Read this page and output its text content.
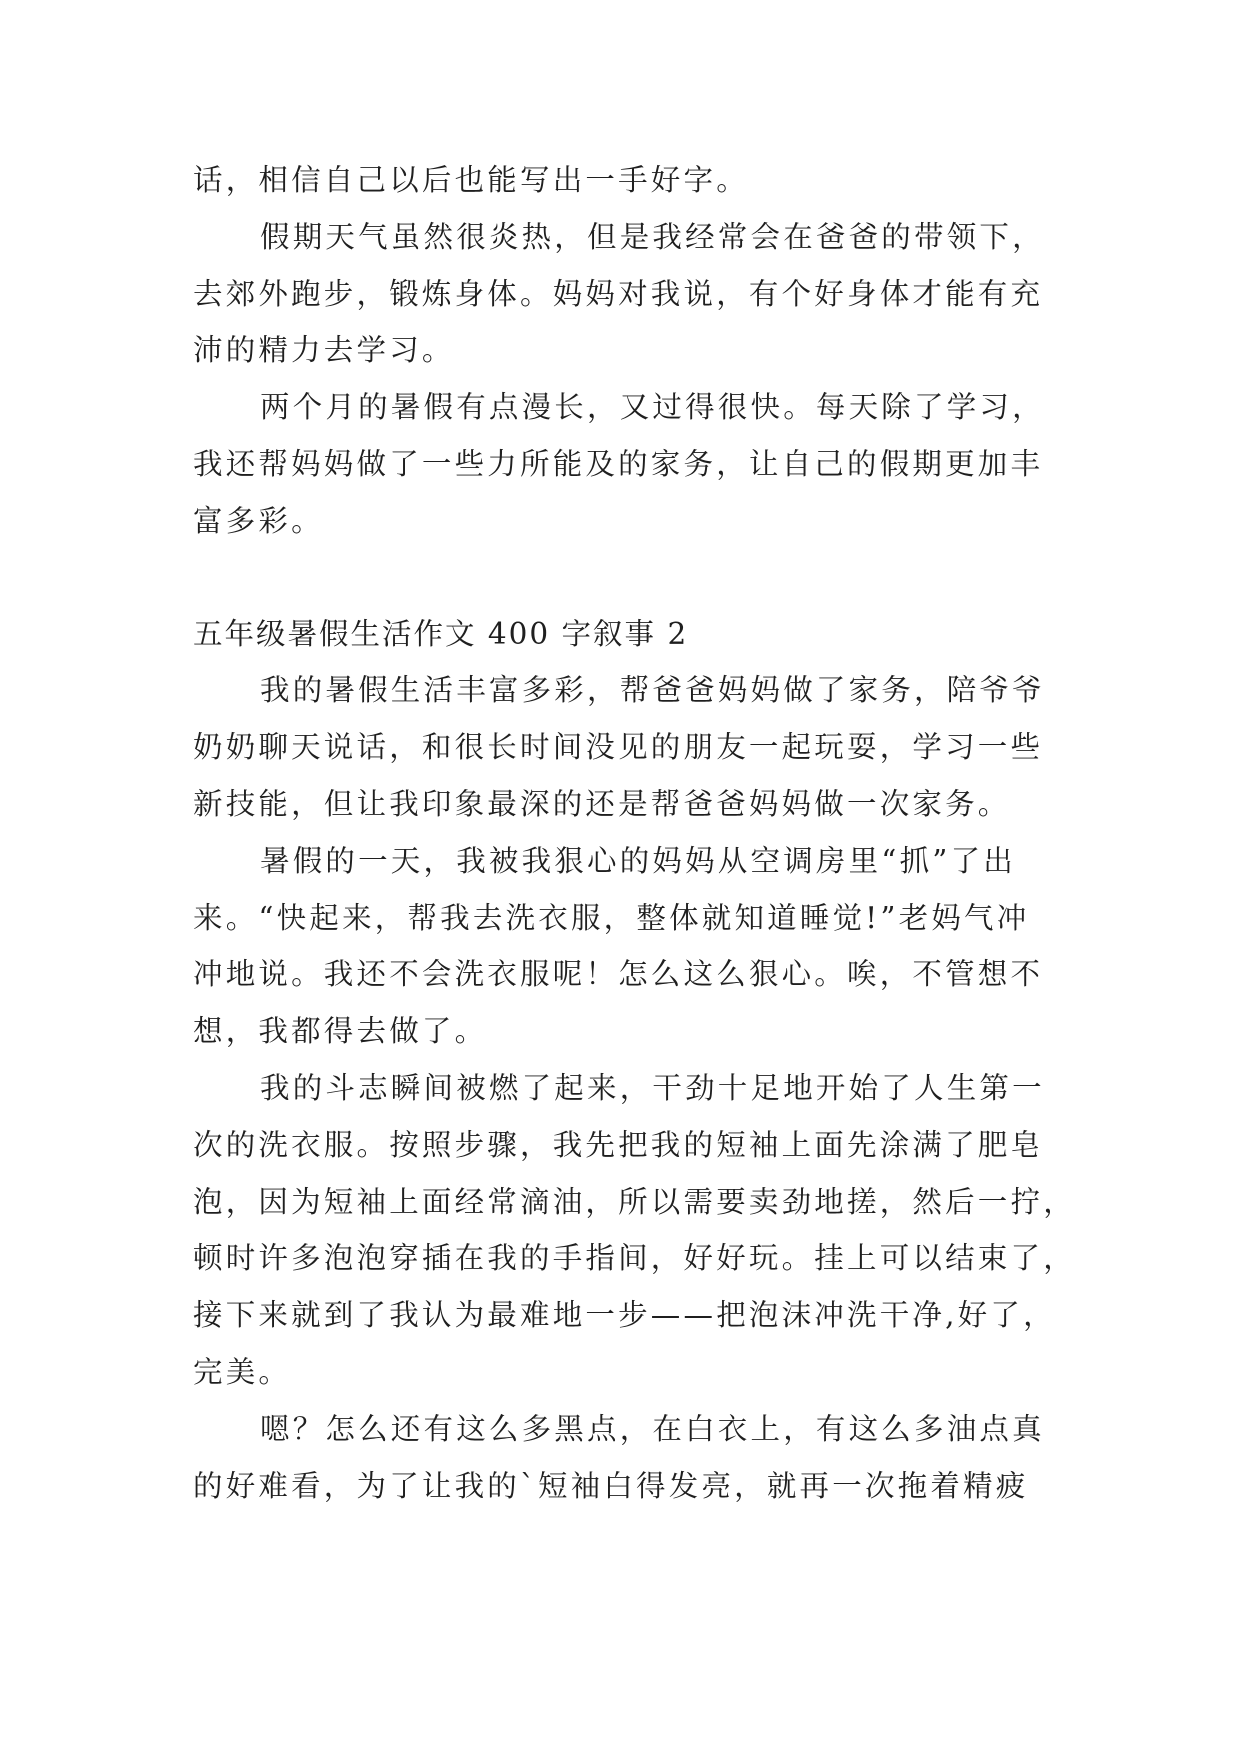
话，相信自己以后也能写出一手好字。
假期天气虽然很炎热，但是我经常会在爸爸的带领下，
去郊外跑步，锻炼身体。妈妈对我说，有个好身体才能有充
沛的精力去学习。
两个月的暑假有点漫长，又过得很快。每天除了学习，
我还帮妈妈做了一些力所能及的家务，让自己的假期更加丰
富多彩。
五年级暑假生活作文 400 字叙事 2
我的暑假生活丰富多彩，帮爸爸妈妈做了家务，陪爷爷
奶奶聊天说话，和很长时间没见的朋友一起玩耍，学习一些
新技能，但让我印象最深的还是帮爸爸妈妈做一次家务。
暑假的一天，我被我狠心的妈妈从空调房里“抓”了出
来。“快起来，帮我去洗衣服，整体就知道睡觉!”老妈气冲
冲地说。我还不会洗衣服呢！怎么这么狠心。唉，不管想不
想，我都得去做了。
我的斗志瞬间被燃了起来，干劲十足地开始了人生第一
次的洗衣服。按照步骤，我先把我的短袖上面先涂满了肥皂
泡，因为短袖上面经常滴油，所以需要卖劲地搓，然后一拧，
顿时许多泡泡穿插在我的手指间，好好玩。挂上可以结束了，
接下来就到了我认为最难地一步——把泡沫冲洗干净,好了，
完美。
嗯？怎么还有这么多黑点，在白衣上，有这么多油点真
的好难看，为了让我的`短袖白得发亮，就再一次拖着精疲
